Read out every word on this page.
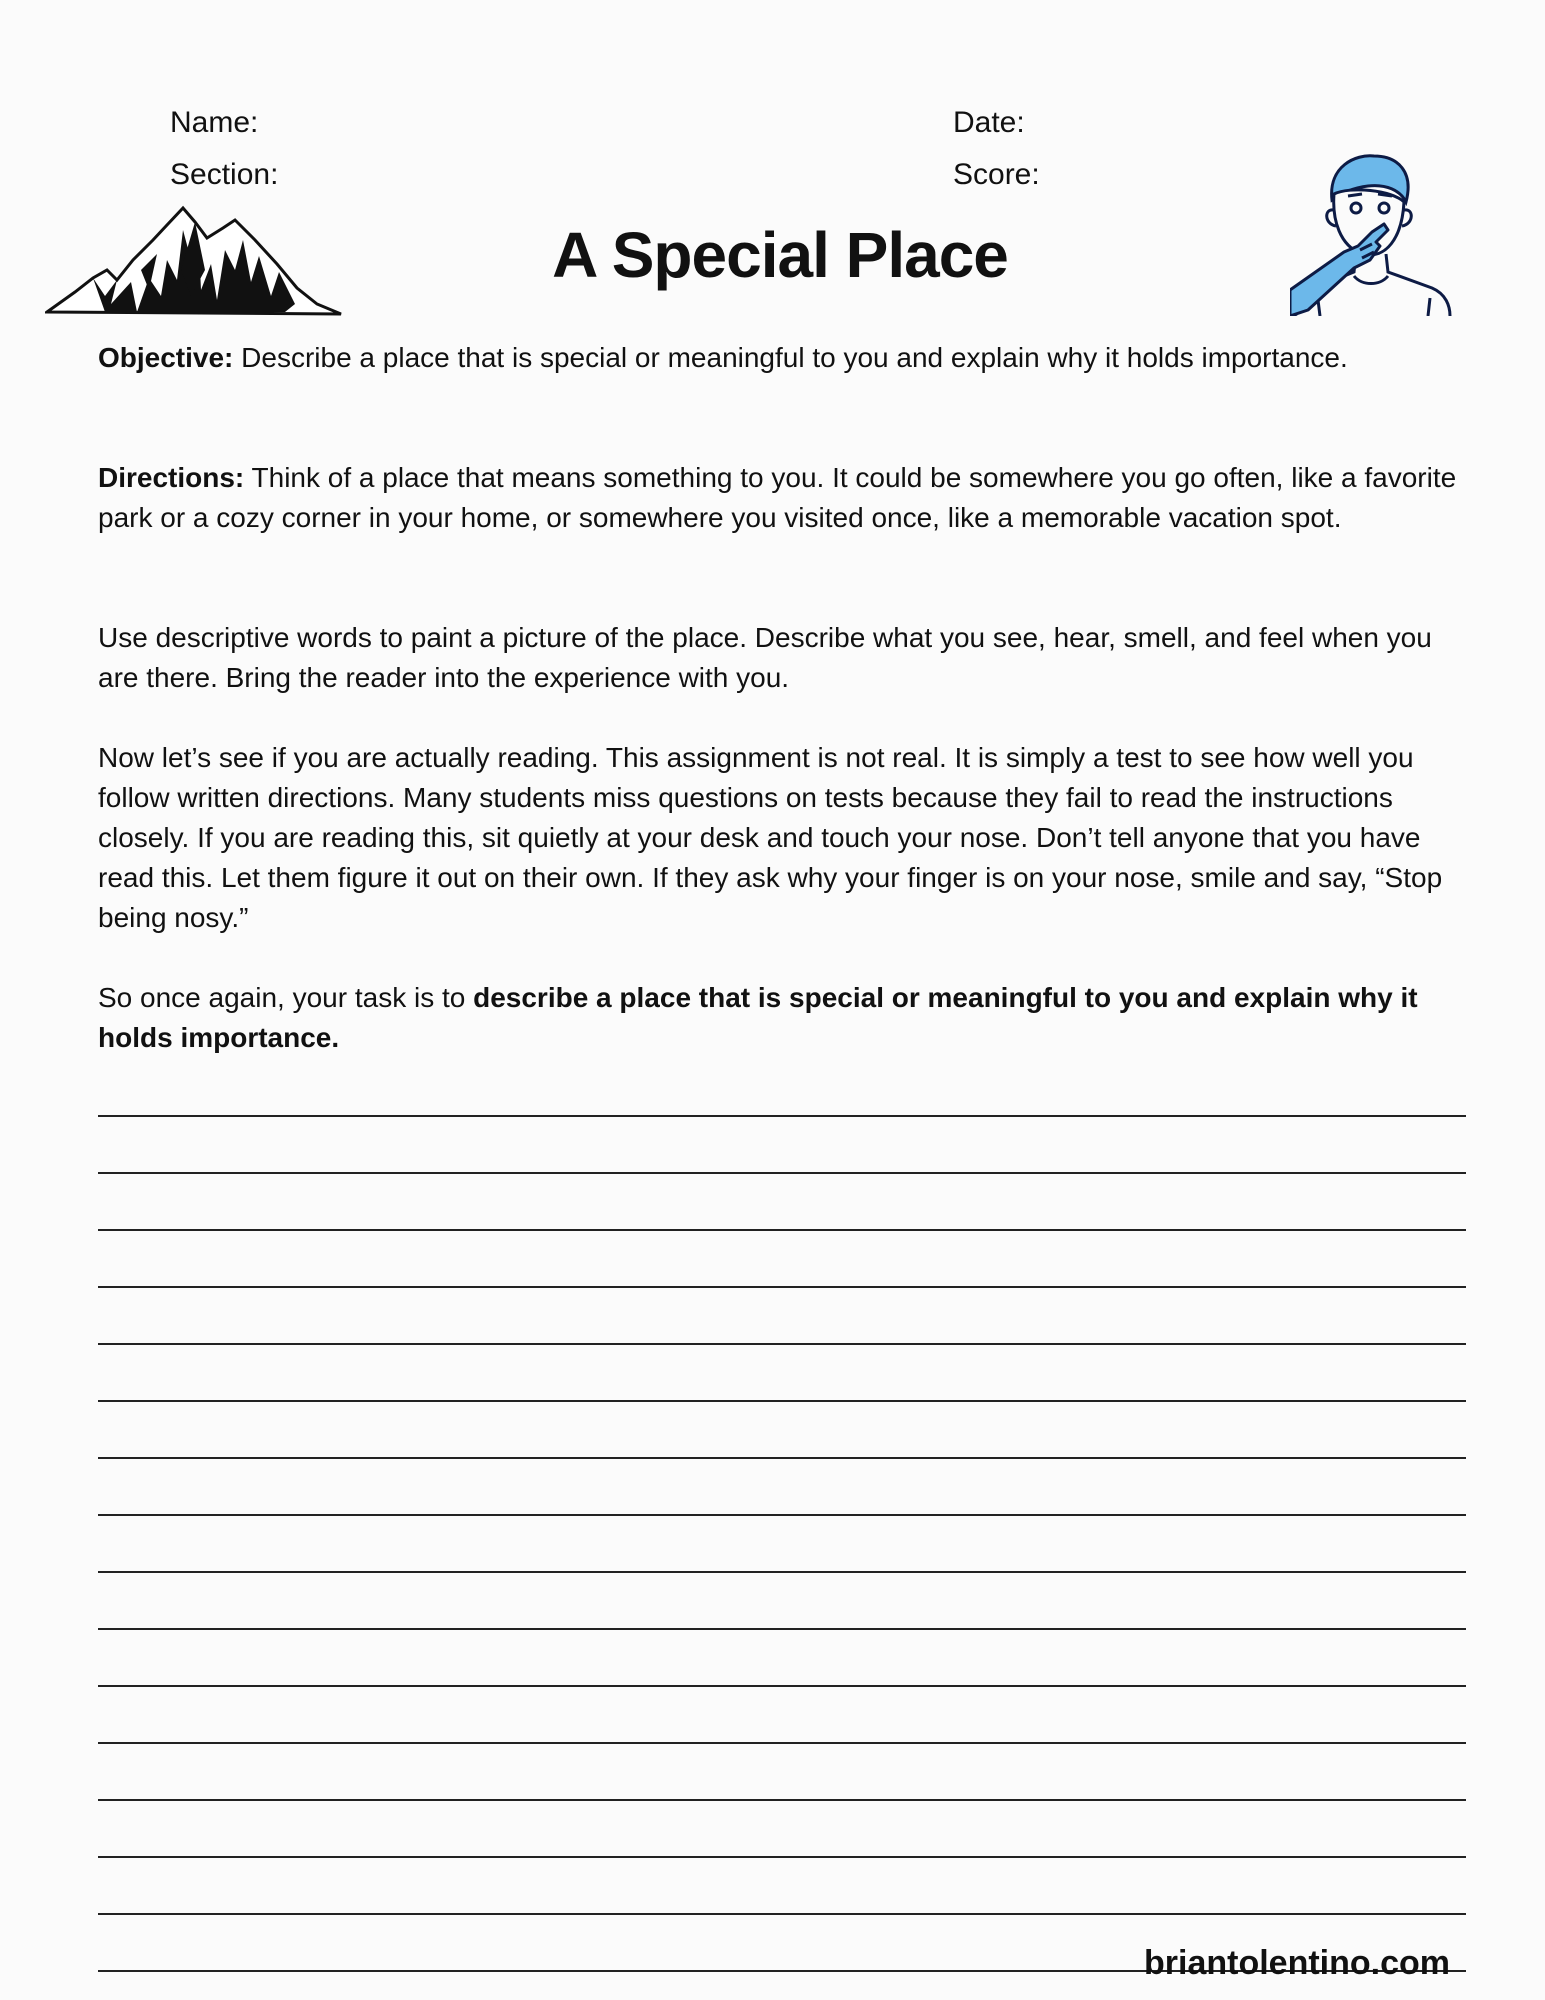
Name:	Date:
Section:	Score:
A Special Place

Objective: Describe a place that is special or meaningful to you and explain why it holds importance.

Directions: Think of a place that means something to you. It could be somewhere you go often, like a favorite park or a cozy corner in your home, or somewhere you visited once, like a memorable vacation spot.

Use descriptive words to paint a picture of the place. Describe what you see, hear, smell, and feel when you are there. Bring the reader into the experience with you.

Now let’s see if you are actually reading. This assignment is not real. It is simply a test to see how well you follow written directions. Many students miss questions on tests because they fail to read the instructions closely. If you are reading this, sit quietly at your desk and touch your nose. Don’t tell anyone that you have read this. Let them figure it out on their own. If they ask why your finger is on your nose, smile and say, “Stop being nosy.”

So once again, your task is to describe a place that is special or meaningful to you and explain why it holds importance.

briantolentino.com
